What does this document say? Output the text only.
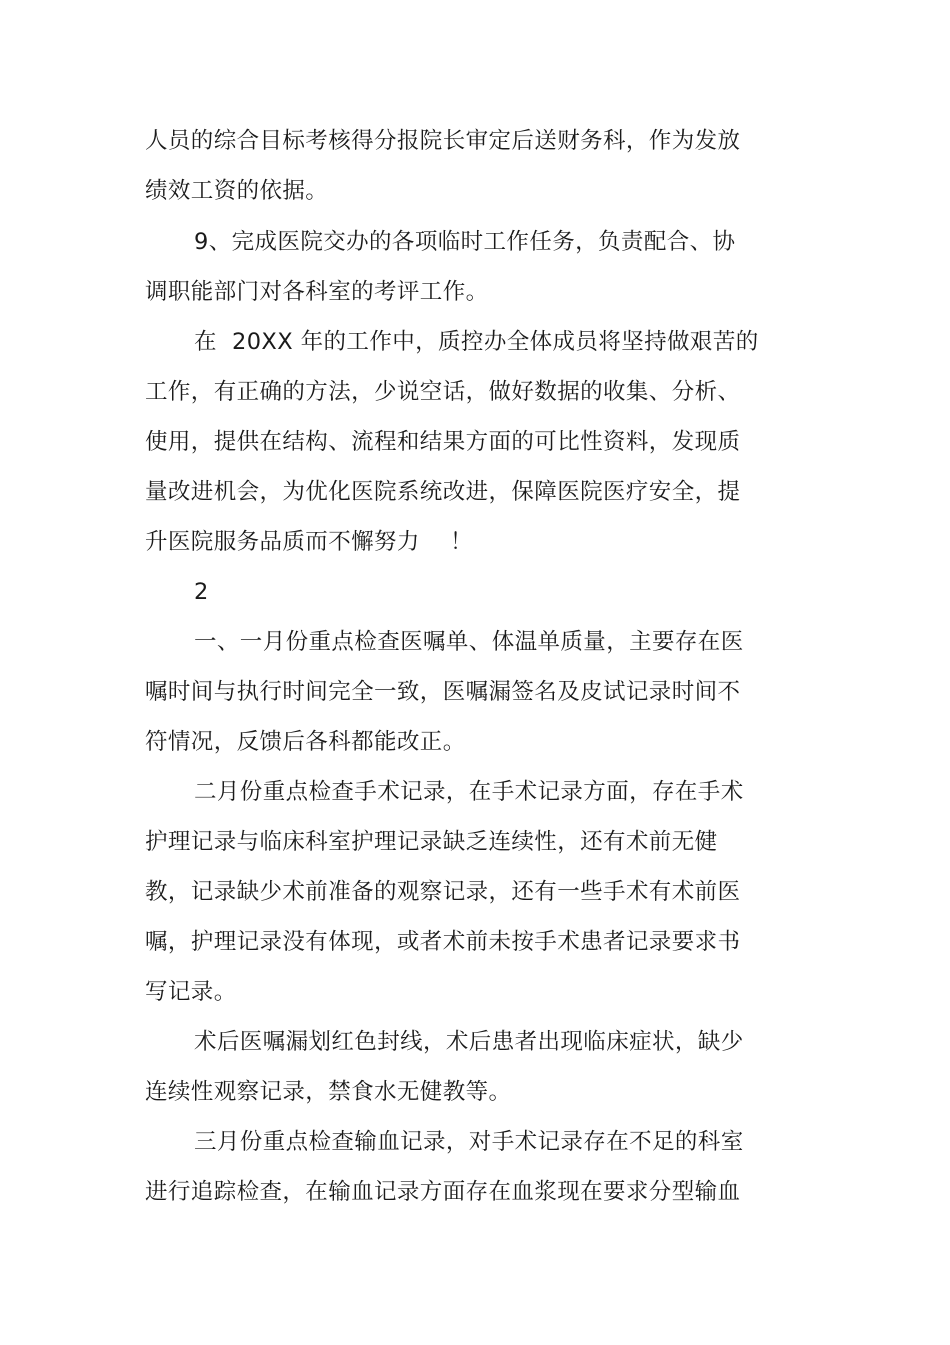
人员的综合目标考核得分报院长审定后送财务科，作为发放
绩效工资的依据。
9、完成医院交办的各项临时工作任务，负责配合、协
调职能部门对各科室的考评工作。
在  20XX 年的工作中，质控办全体成员将坚持做艰苦的
工作，有正确的方法，少说空话，做好数据的收集、分析、
使用，提供在结构、流程和结果方面的可比性资料，发现质
量改进机会，为优化医院系统改进，保障医院医疗安全，提
升医院服务品质而不懈努力    ！
2
一、一月份重点检查医嘱单、体温单质量，主要存在医
嘱时间与执行时间完全一致，医嘱漏签名及皮试记录时间不
符情况，反馈后各科都能改正。
二月份重点检查手术记录，在手术记录方面，存在手术
护理记录与临床科室护理记录缺乏连续性，还有术前无健
教，记录缺少术前准备的观察记录，还有一些手术有术前医
嘱，护理记录没有体现，或者术前未按手术患者记录要求书
写记录。
术后医嘱漏划红色封线，术后患者出现临床症状，缺少
连续性观察记录，禁食水无健教等。
三月份重点检查输血记录，对手术记录存在不足的科室
进行追踪检查，在输血记录方面存在血浆现在要求分型输血
